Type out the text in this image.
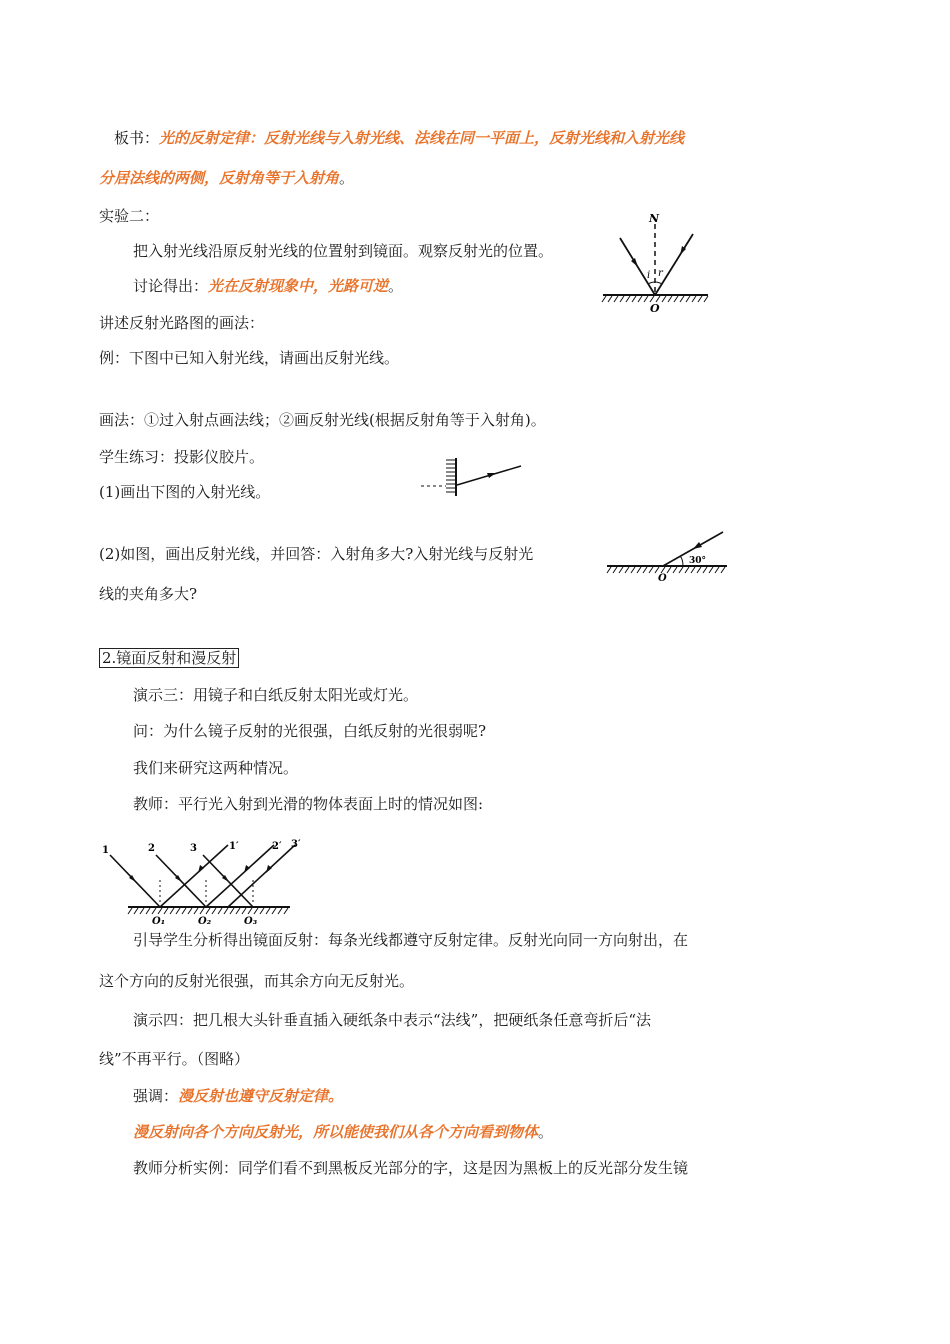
板书：光的反射定律：反射光线与入射光线、法线在同一平面上，反射光线和入射光线
分居法线的两侧，反射角等于入射角。
实验二：
把入射光线沿原反射光线的位置射到镜面。观察反射光的位置。
讨论得出：光在反射现象中，光路可逆。
N
i r
O
讲述反射光路图的画法：
例：下图中已知入射光线，请画出反射光线。
画法：①过入射点画法线；②画反射光线(根据反射角等于入射角)。
学生练习：投影仪胶片。
(1)画出下图的入射光线。
(2)如图，画出反射光线，并回答：入射角多大?入射光线与反射光
线的夹角多大?
30°
O
2.镜面反射和漫反射
演示三：用镜子和白纸反射太阳光或灯光。
问：为什么镜子反射的光很强，白纸反射的光很弱呢?
我们来研究这两种情况。
教师：平行光入射到光滑的物体表面上时的情况如图:
1	2	3	1′	2′ 3′
O₁	O₂	O₃
引导学生分析得出镜面反射：每条光线都遵守反射定律。反射光向同一方向射出，在
这个方向的反射光很强，而其余方向无反射光。
演示四：把几根大头针垂直插入硬纸条中表示“法线”，把硬纸条任意弯折后“法
线”不再平行。（图略）
强调：漫反射也遵守反射定律。
漫反射向各个方向反射光，所以能使我们从各个方向看到物体。
教师分析实例：同学们看不到黑板反光部分的字，这是因为黑板上的反光部分发生镜
